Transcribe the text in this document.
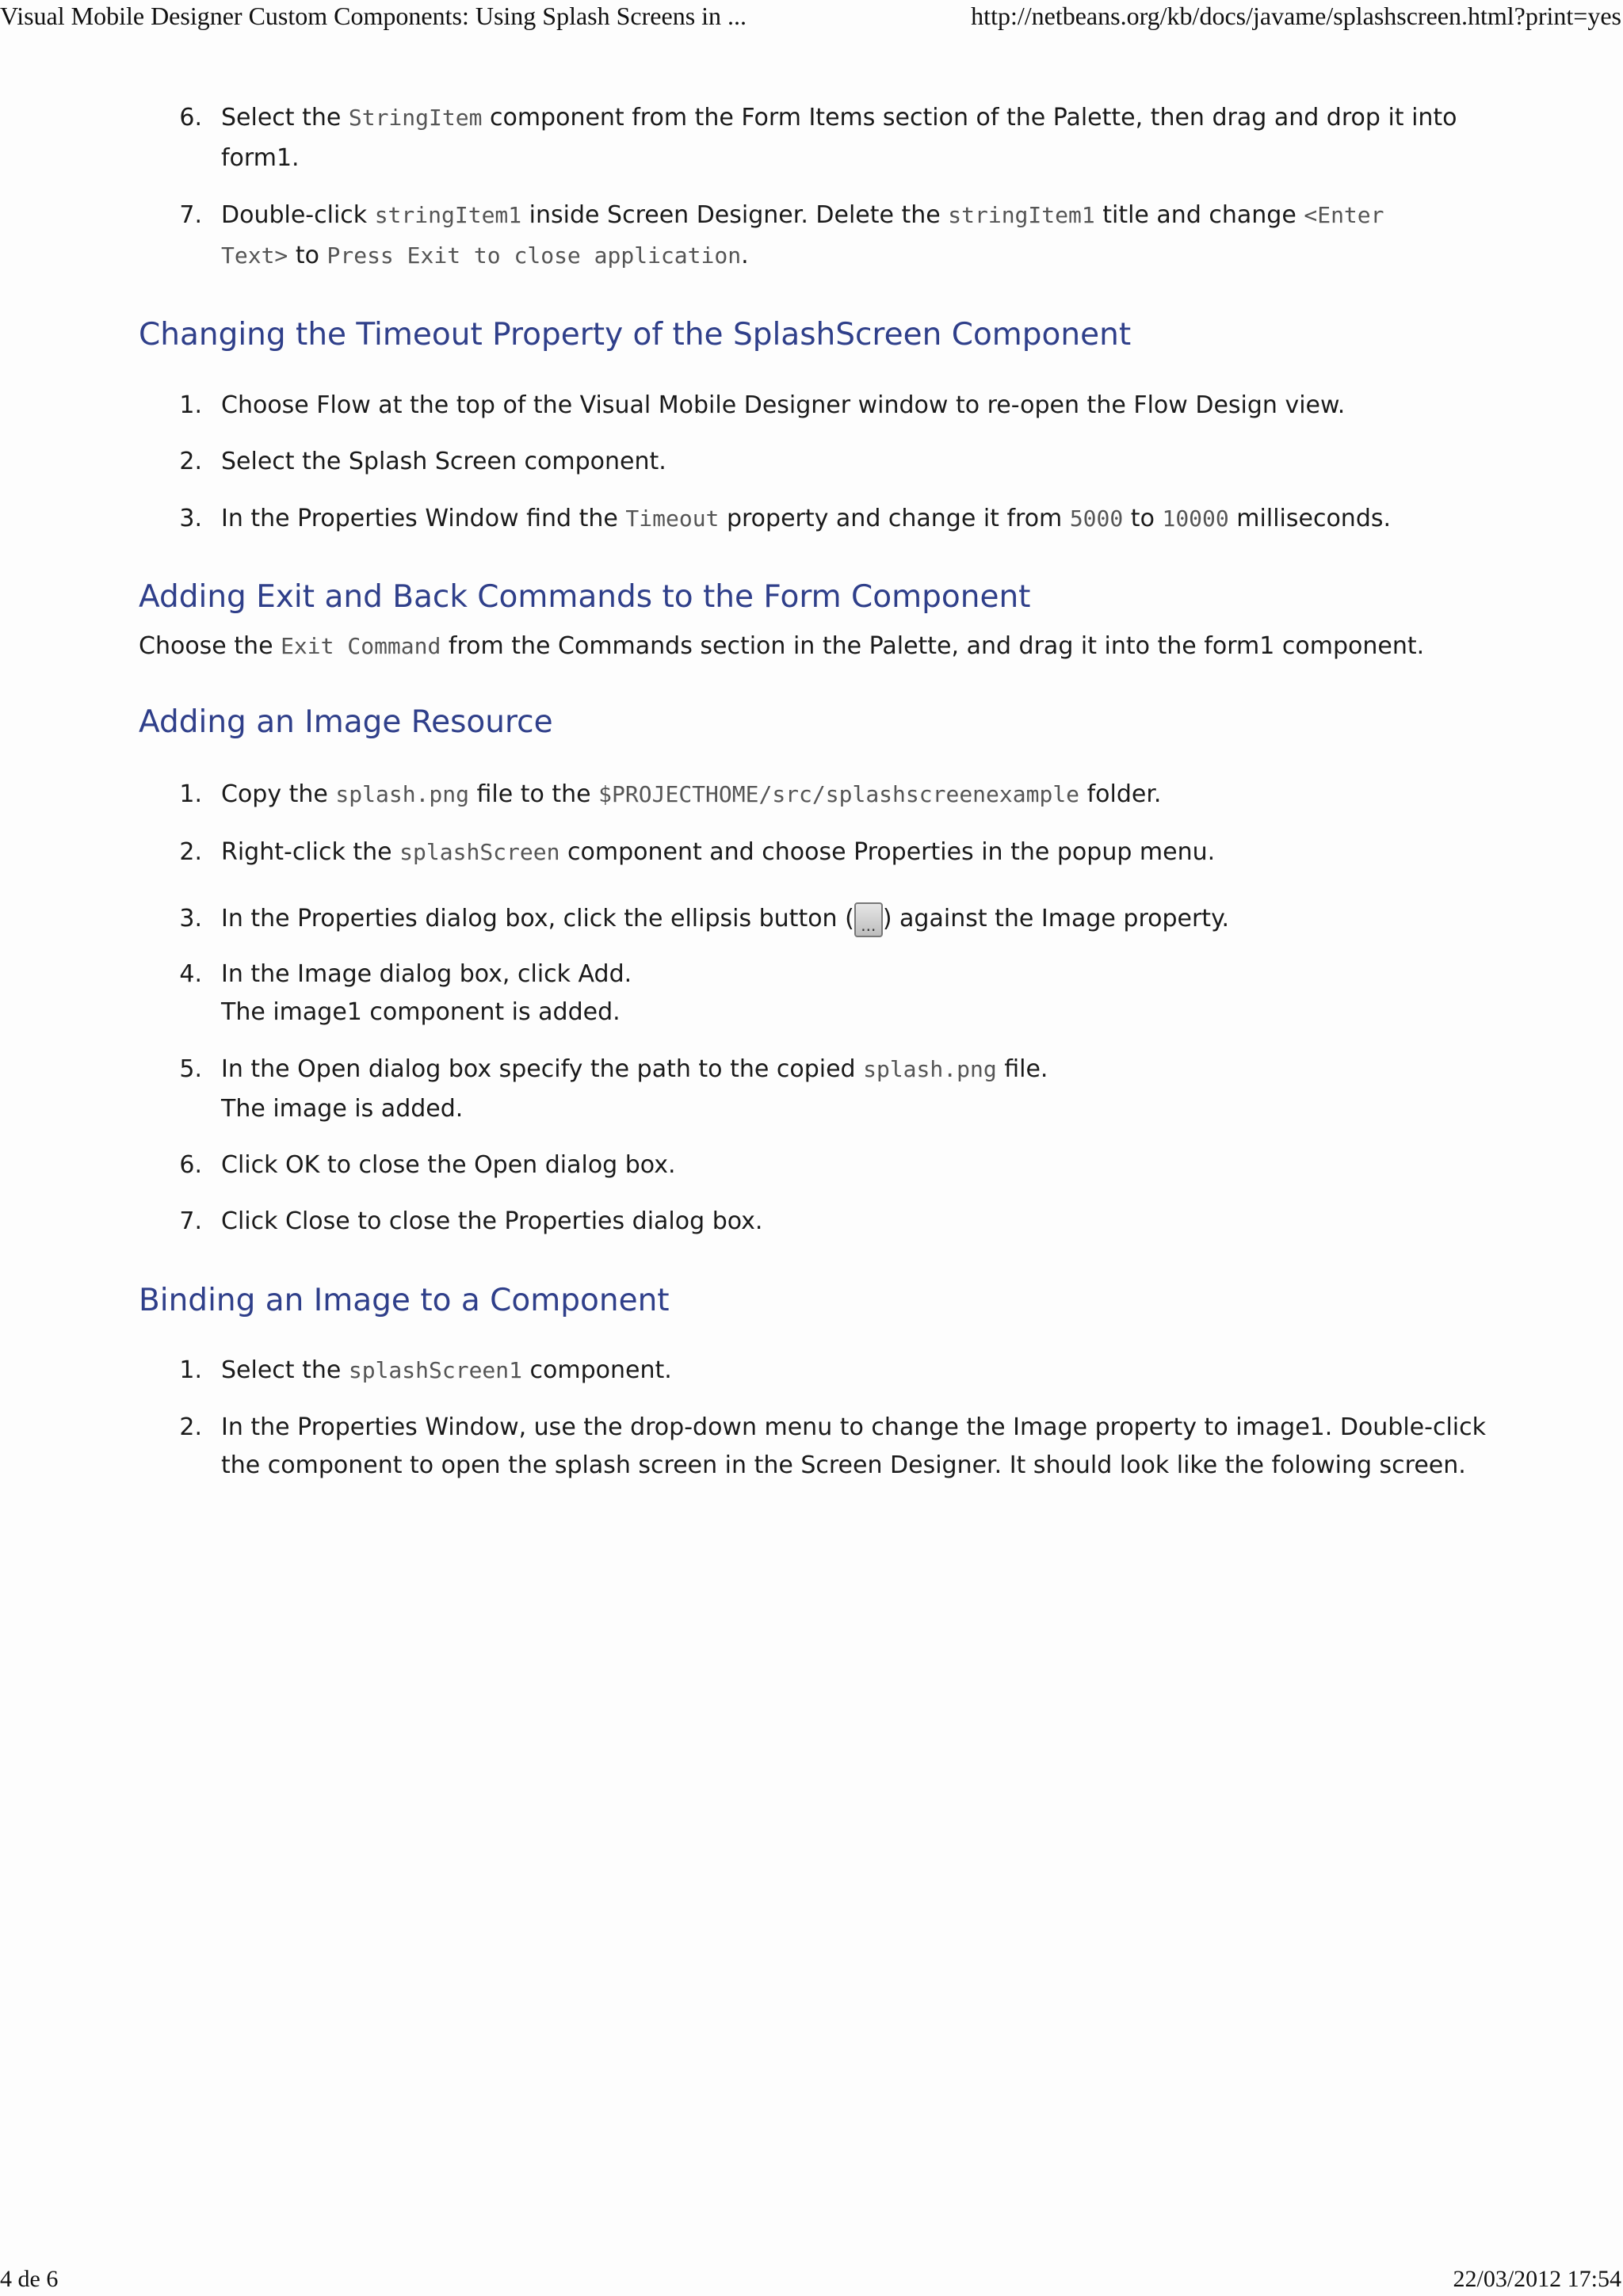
Visual Mobile Designer Custom Components: Using Splash Screens in ...	http://netbeans.org/kb/docs/javame/splashscreen.html?print=yes
6. Select the StringItem component from the Form Items section of the Palette, then drag and drop it into
form1.
7. Double-click stringItem1 inside Screen Designer. Delete the stringItem1 title and change <Enter
Text> to Press Exit to close application.
Changing the Timeout Property of the SplashScreen Component
1. Choose Flow at the top of the Visual Mobile Designer window to re-open the Flow Design view.
2. Select the Splash Screen component.
3. In the Properties Window find the Timeout property and change it from 5000 to 10000 milliseconds.
Adding Exit and Back Commands to the Form Component
Choose the Exit Command from the Commands section in the Palette, and drag it into the form1 component.
Adding an Image Resource
1. Copy the splash.png file to the $PROJECTHOME/src/splashscreenexample folder.
2. Right-click the splashScreen component and choose Properties in the popup menu.
3. In the Properties dialog box, click the ellipsis button ( ... ) against the Image property.
4. In the Image dialog box, click Add.
The image1 component is added.
5. In the Open dialog box specify the path to the copied splash.png file.
The image is added.
6. Click OK to close the Open dialog box.
7. Click Close to close the Properties dialog box.
Binding an Image to a Component
1. Select the splashScreen1 component.
2. In the Properties Window, use the drop-down menu to change the Image property to image1. Double-click
the component to open the splash screen in the Screen Designer. It should look like the folowing screen.
4 de 6	22/03/2012 17:54
